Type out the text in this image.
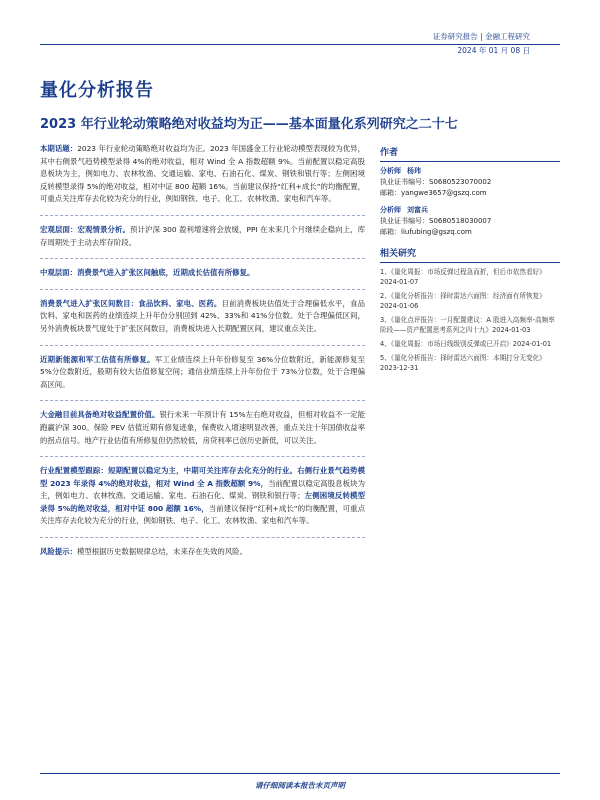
证券研究报告 | 金融工程研究
2024 年 01 月 08 日
量化分析报告
2023 年行业轮动策略绝对收益均为正——基本面量化系列研究之二十七
本期话题：2023 年行业轮动策略绝对收益均为正。2023 年国盛金工行业轮动模型表现较为优异，其中右侧景气趋势模型录得 4%的绝对收益，相对 Wind 全 A 指数超额 9%。当前配置以稳定高股息板块为主，例如电力、农林牧渔、交通运输、家电、石油石化、煤炭、钢铁和银行等；左侧困境反转模型录得 5%的绝对收益，相对中证 800 超额 16%。当前建议保持“红利+成长”的均衡配置，可重点关注库存去化较为充分的行业，例如钢铁、电子、化工、农林牧渔、家电和汽车等。
宏观层面：宏观情景分析。预计沪深 300 盈利增速将会放缓，PPI 在未来几个月继续企稳向上，库存周期处于主动去库存阶段。
中观层面：消费景气进入扩张区间触底，近期成长估值有所修复。
消费景气进入扩张区间数目：食品饮料、家电、医药。目前消费板块估值处于合理偏低水平，食品饮料、家电和医药的业绩连续上升年份分别回到 42%、33%和 41%分位数。处于合理偏低区间，另外消费板块景气度处于扩张区间数目，消费板块进入长期配置区间，建议重点关注。
近期新能源和军工估值有所修复。军工业绩连续上升年份修复至 36%分位数附近，新能源修复至 5%分位数附近，般期有较大估值修复空间；通信业绩连续上升年份位于 73%分位数，处于合理偏高区间。
大金融目前具备绝对收益配置价值。银行未来一年预计有 15%左右绝对收益，但相对收益不一定能跑赢沪深 300。保险 PEV 估值近期有修复迹象，保费收入增速明显改善，重点关注十年国债收益率的拐点信号。地产行业估值有所修复但仍然较低，房贷利率已创历史新低，可以关注。
行业配置模型跟踪：短期配置以稳定为主，中期可关注库存去化充分的行业。右侧行业景气趋势模型 2023 年录得 4%的绝对收益，相对 Wind 全 A 指数超额 9%，当前配置以稳定高股息板块为主，例如电力、农林牧渔、交通运输、家电、石油石化、煤炭、钢铁和银行等；左侧困境反转模型录得 5%的绝对收益，相对中证 800 超额 16%，当前建议保持“红利+成长”的均衡配置，可重点关注库存去化较为充分的行业，例如钢铁、电子、化工、农林牧渔、家电和汽车等。
风险提示：模型根据历史数据规律总结，未来存在失效的风险。
作者
分析师 杨玮
执业证书编号：S0680523070002
邮箱：yangwe3657@gszq.com
分析师 刘富兵
执业证书编号：S0680518030007
邮箱：liufubing@gszq.com
相关研究
1、《量化周报：市场反弹过程急而折，但后市依然看好》2024-01-07
2、《量化分析报告：择时雷达六面图：经济面有所恢复》2024-01-06
3、《量化点评报告：一月配置建议：A 股进入高频率-高频率阶段——资产配置思考系列之四十九》2024-01-03
4、《量化周报：市场日线级别反弹或已开启》2024-01-01
5、《量化分析报告：择时雷达六面图：本期打分无变化》2023-12-31
请仔细阅读本报告末页声明
